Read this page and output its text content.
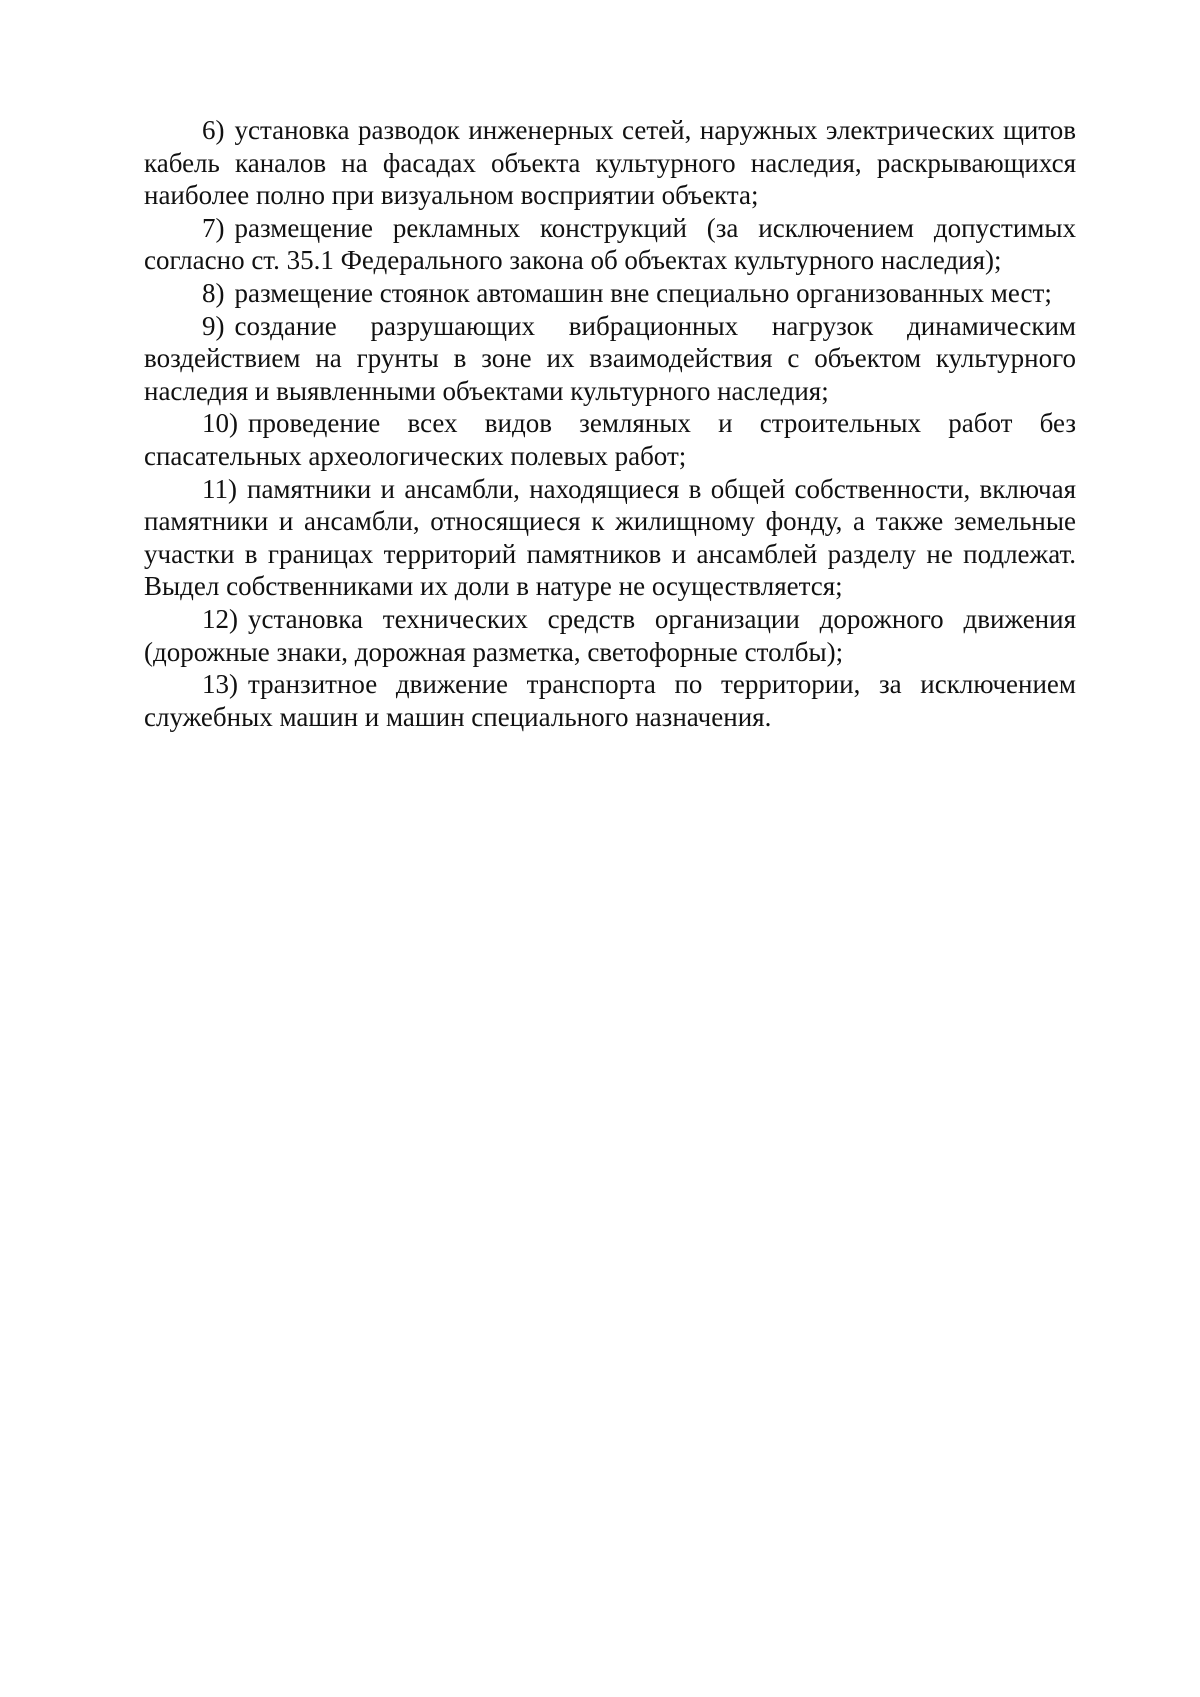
6) установка разводок инженерных сетей, наружных электрических щитов кабель каналов на фасадах объекта культурного наследия, раскрывающихся наиболее полно при визуальном восприятии объекта;

7) размещение рекламных конструкций (за исключением допустимых согласно ст. 35.1 Федерального закона об объектах культурного наследия);

8) размещение стоянок автомашин вне специально организованных мест;

9) создание разрушающих вибрационных нагрузок динамическим воздействием на грунты в зоне их взаимодействия с объектом культурного наследия и выявленными объектами культурного наследия;

10) проведение всех видов земляных и строительных работ без спасательных археологических полевых работ;

11) памятники и ансамбли, находящиеся в общей собственности, включая памятники и ансамбли, относящиеся к жилищному фонду, а также земельные участки в границах территорий памятников и ансамблей разделу не подлежат. Выдел собственниками их доли в натуре не осуществляется;

12) установка технических средств организации дорожного движения (дорожные знаки, дорожная разметка, светофорные столбы);

13) транзитное движение транспорта по территории, за исключением служебных машин и машин специального назначения.
